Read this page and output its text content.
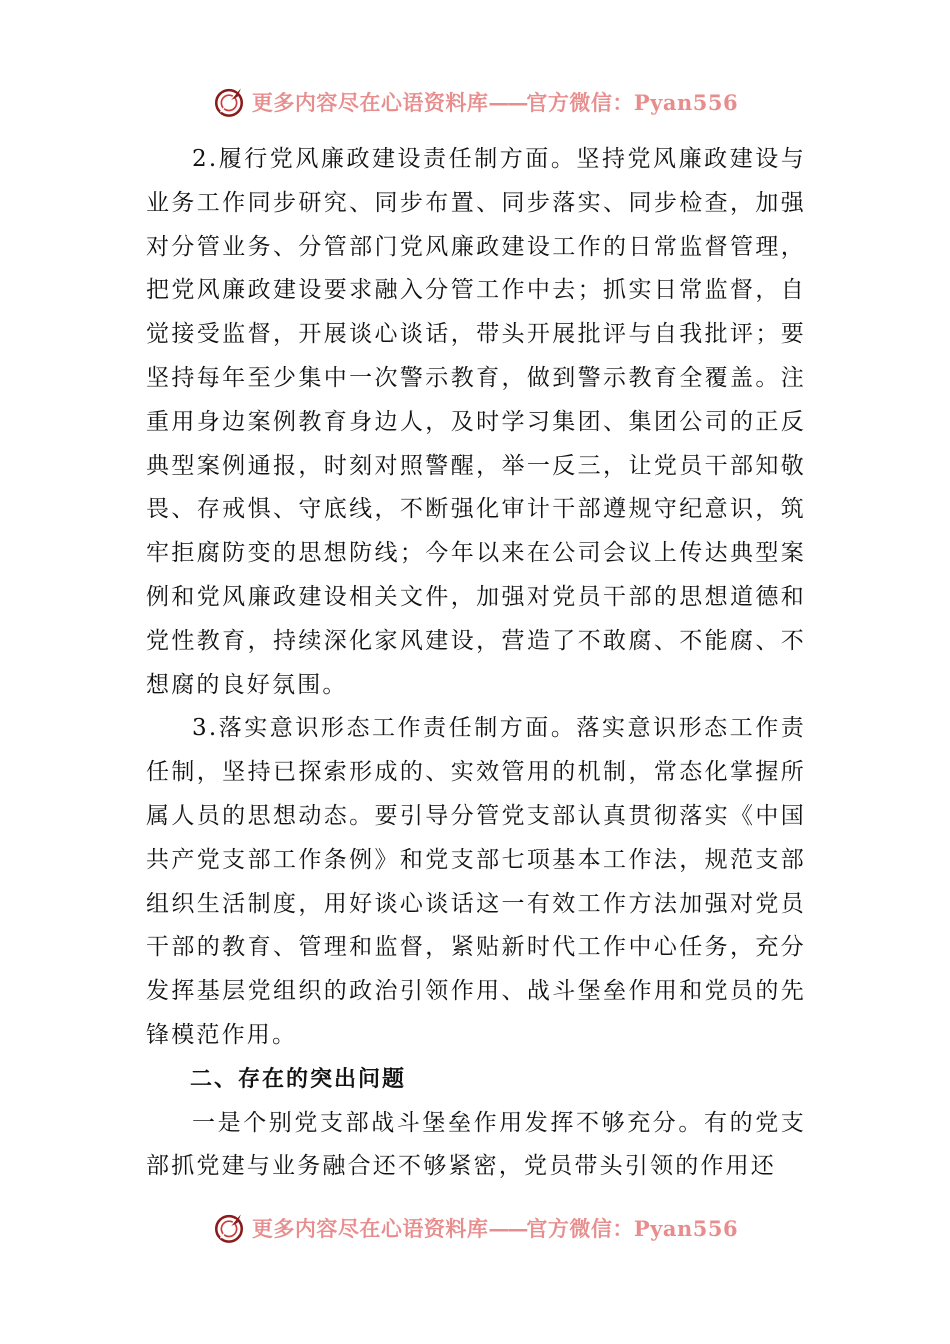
更多内容尽在心语资料库——官方微信：Pyan556

2.履行党风廉政建设责任制方面。坚持党风廉政建设与业务工作同步研究、同步布置、同步落实、同步检查，加强对分管业务、分管部门党风廉政建设工作的日常监督管理，把党风廉政建设要求融入分管工作中去；抓实日常监督，自觉接受监督，开展谈心谈话，带头开展批评与自我批评；要坚持每年至少集中一次警示教育，做到警示教育全覆盖。注重用身边案例教育身边人，及时学习集团、集团公司的正反典型案例通报，时刻对照警醒，举一反三，让党员干部知敬畏、存戒惧、守底线，不断强化审计干部遵规守纪意识，筑牢拒腐防变的思想防线；今年以来在公司会议上传达典型案例和党风廉政建设相关文件，加强对党员干部的思想道德和党性教育，持续深化家风建设，营造了不敢腐、不能腐、不想腐的良好氛围。

3.落实意识形态工作责任制方面。落实意识形态工作责任制，坚持已探索形成的、实效管用的机制，常态化掌握所属人员的思想动态。要引导分管党支部认真贯彻落实《中国共产党支部工作条例》和党支部七项基本工作法，规范支部组织生活制度，用好谈心谈话这一有效工作方法加强对党员干部的教育、管理和监督，紧贴新时代工作中心任务，充分发挥基层党组织的政治引领作用、战斗堡垒作用和党员的先锋模范作用。

二、存在的突出问题

一是个别党支部战斗堡垒作用发挥不够充分。有的党支部抓党建与业务融合还不够紧密，党员带头引领的作用还

更多内容尽在心语资料库——官方微信：Pyan556
